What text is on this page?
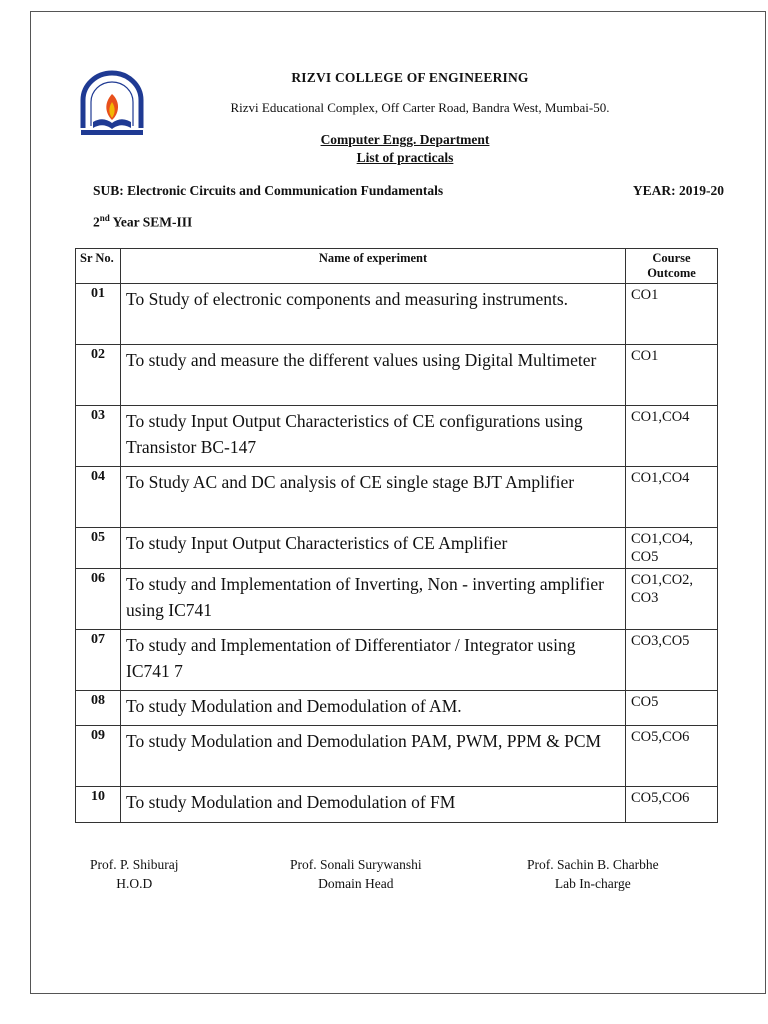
RIZVI COLLEGE OF ENGINEERING
Rizvi Educational Complex, Off Carter Road, Bandra West, Mumbai-50.
Computer Engg. Department
List of practicals
SUB: Electronic Circuits and Communication Fundamentals	YEAR: 2019-20
2nd Year SEM-III
Sr No.	Name of experiment	Course Outcome
01	To Study of electronic components and measuring instruments.	CO1
02	To study and measure the different values using Digital Multimeter	CO1
03	To study Input Output Characteristics of CE configurations using Transistor BC-147	CO1,CO4
04	To Study AC and DC analysis of CE single stage BJT Amplifier	CO1,CO4
05	To study Input Output Characteristics of CE Amplifier	CO1,CO4, CO5
06	To study and Implementation of Inverting, Non - inverting amplifier using IC741	CO1,CO2, CO3
07	To study and Implementation of Differentiator / Integrator using IC741 7	CO3,CO5
08	To study Modulation and Demodulation of AM.	CO5
09	To study Modulation and Demodulation PAM, PWM, PPM & PCM	CO5,CO6
10	To study Modulation and Demodulation of FM	CO5,CO6
Prof. P. Shiburaj
H.O.D
Prof. Sonali Surywanshi
Domain Head
Prof. Sachin B. Charbhe
Lab In-charge
